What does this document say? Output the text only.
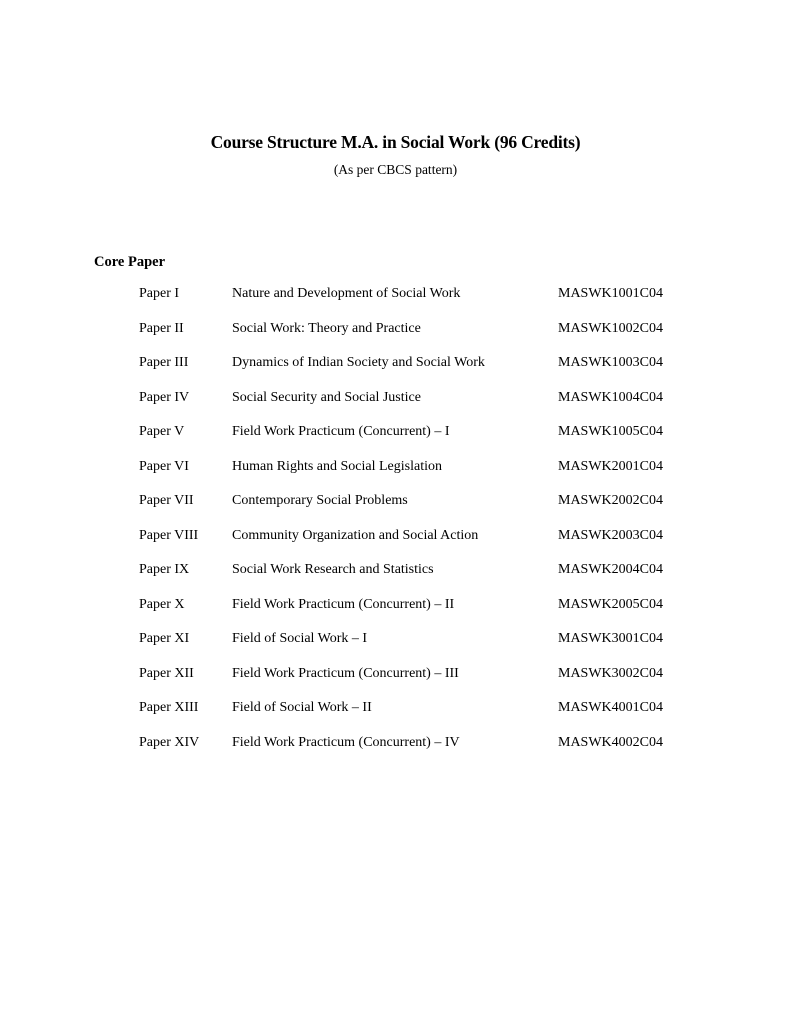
Course Structure M.A. in Social Work (96 Credits)
(As per CBCS pattern)
Core Paper
Paper I	Nature and Development of Social Work	MASWK1001C04
Paper II	Social Work: Theory and Practice	MASWK1002C04
Paper III	Dynamics of Indian Society and Social Work	MASWK1003C04
Paper IV	Social Security and Social Justice	MASWK1004C04
Paper V	Field Work Practicum (Concurrent) – I	MASWK1005C04
Paper VI	Human Rights and Social Legislation	MASWK2001C04
Paper VII	Contemporary Social Problems	MASWK2002C04
Paper VIII Community Organization and Social Action	MASWK2003C04
Paper IX	Social Work Research and Statistics	MASWK2004C04
Paper X	Field Work Practicum (Concurrent) – II	MASWK2005C04
Paper XI	Field of Social Work – I	MASWK3001C04
Paper XII	Field Work Practicum (Concurrent) – III	MASWK3002C04
Paper XIII Field of Social Work – II	MASWK4001C04
Paper XIV Field Work Practicum (Concurrent) – IV	MASWK4002C04
